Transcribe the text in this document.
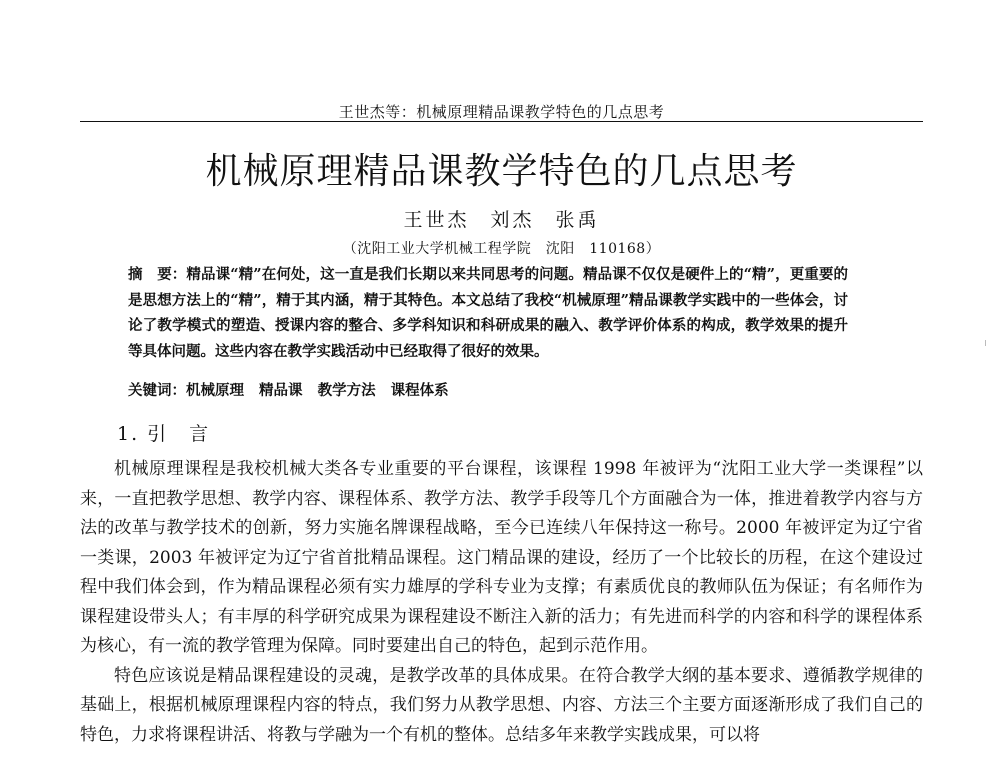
王世杰等：机械原理精品课教学特色的几点思考
机械原理精品课教学特色的几点思考
王世杰 刘杰 张禹
（沈阳工业大学机械工程学院　沈阳　110168）
摘　要：精品课“精”在何处，这一直是我们长期以来共同思考的问题。精品课不仅仅是硬件上的“精”，更重要的是思想方法上的“精”，精于其内涵，精于其特色。本文总结了我校“机械原理”精品课教学实践中的一些体会，讨论了教学模式的塑造、授课内容的整合、多学科知识和科研成果的融入、教学评价体系的构成，教学效果的提升等具体问题。这些内容在教学实践活动中已经取得了很好的效果。
关键词：机械原理 精品课 教学方法 课程体系
1. 引　言

机械原理课程是我校机械大类各专业重要的平台课程，该课程 1998 年被评为“沈阳工业大学一类课程”以来，一直把教学思想、教学内容、课程体系、教学方法、教学手段等几个方面融合为一体，推进着教学内容与方法的改革与教学技术的创新，努力实施名牌课程战略，至今已连续八年保持这一称号。2000 年被评定为辽宁省一类课，2003 年被评定为辽宁省首批精品课程。这门精品课的建设，经历了一个比较长的历程，在这个建设过程中我们体会到，作为精品课程必须有实力雄厚的学科专业为支撑；有素质优良的教师队伍为保证；有名师作为课程建设带头人；有丰厚的科学研究成果为课程建设不断注入新的活力；有先进而科学的内容和科学的课程体系为核心，有一流的教学管理为保障。同时要建出自己的特色，起到示范作用。

特色应该说是精品课程建设的灵魂，是教学改革的具体成果。在符合教学大纲的基本要求、遵循教学规律的基础上，根据机械原理课程内容的特点，我们努力从教学思想、内容、方法三个主要方面逐渐形成了我们自己的特色，力求将课程讲活、将教与学融为一个有机的整体。总结多年来教学实践成果，可以将
